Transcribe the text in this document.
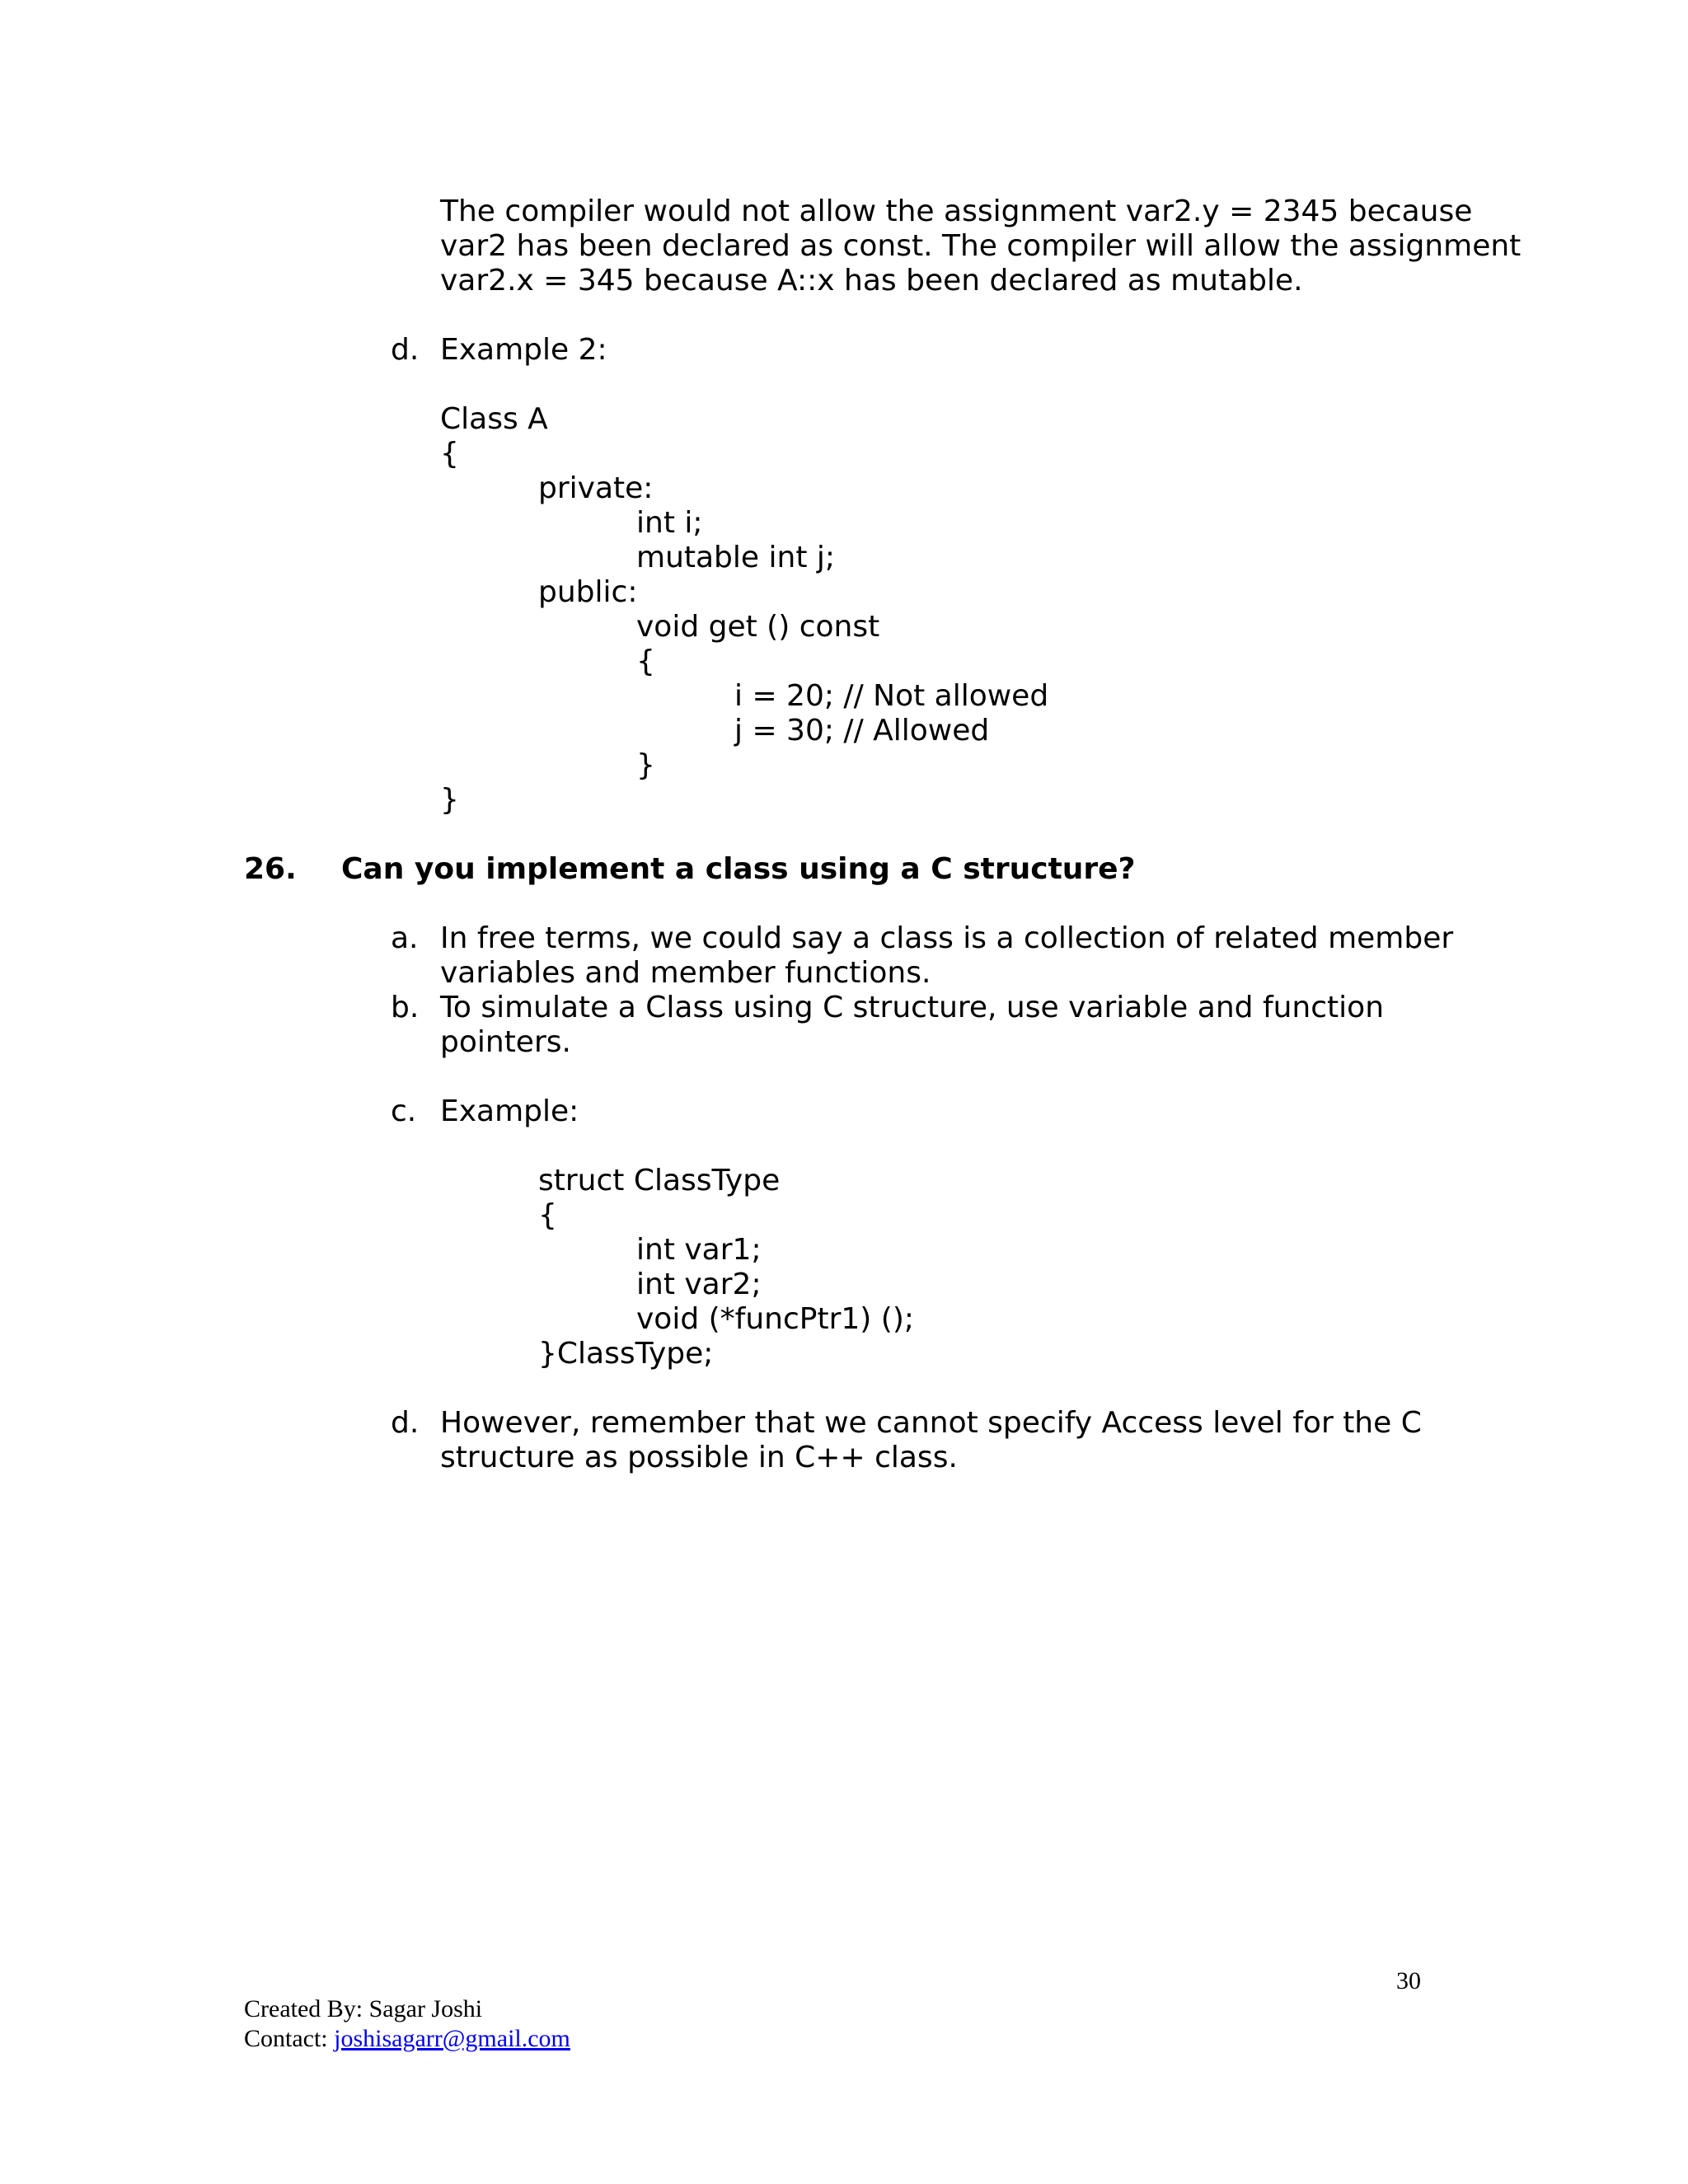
The compiler would not allow the assignment var2.y = 2345 because
var2 has been declared as const. The compiler will allow the assignment
var2.x = 345 because A::x has been declared as mutable.
d. Example 2:
Class A
{
private:
int i;
mutable int j;
public:
void get () const
{
i = 20; // Not allowed
j = 30; // Allowed
}
}
26. Can you implement a class using a C structure?
a. In free terms, we could say a class is a collection of related member
variables and member functions.
b. To simulate a Class using C structure, use variable and function
pointers.
c. Example:
struct ClassType
{
int var1;
int var2;
void (*funcPtr1) ();
}ClassType;
d. However, remember that we cannot specify Access level for the C
structure as possible in C++ class.
30
Created By: Sagar Joshi
Contact: joshisagarr@gmail.com
